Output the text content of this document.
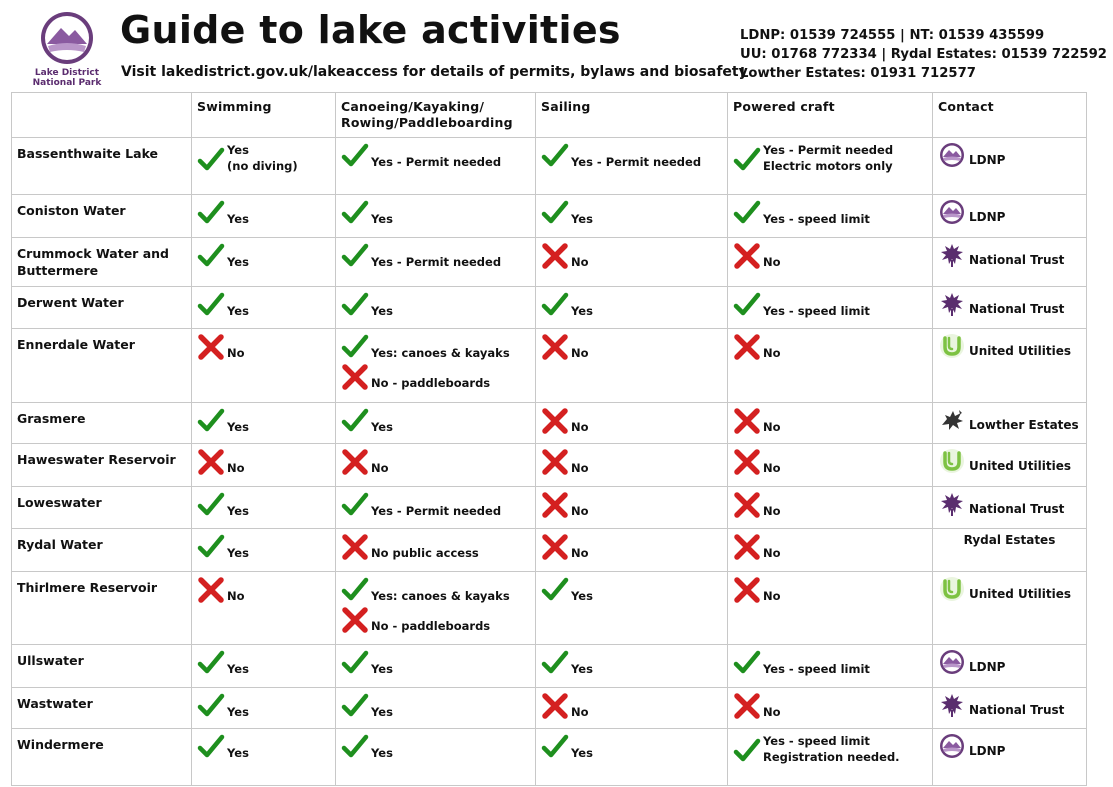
Lake District
National Park
Guide to lake activities
Visit lakedistrict.gov.uk/lakeaccess for details of permits, bylaws and biosafety
LDNP: 01539 724555 | NT: 01539 435599
UU: 01768 772334 | Rydal Estates: 01539 722592
Lowther Estates: 01931 712577
	Swimming	Canoeing/Kayaking/
Rowing/Paddleboarding	Sailing	Powered craft	Contact
Bassenthwaite Lake	Yes
(no diving)	Yes - Permit needed	Yes - Permit needed	Yes - Permit needed
Electric motors only	LDNP

Coniston Water	Yes	Yes	Yes	Yes - speed limit	LDNP

Crummock Water and Buttermere	Yes	Yes - Permit needed	No	No	National Trust

Derwent Water	Yes	Yes	Yes	Yes - speed limit	National Trust

Ennerdale Water	No	Yes: canoes & kayaks
No - paddleboards	No	No	United Utilities

Grasmere	Yes	Yes	No	No	Lowther Estates

Haweswater Reservoir	No	No	No	No	United Utilities

Loweswater	Yes	Yes - Permit needed	No	No	National Trust

Rydal Water	Yes	No public access	No	No	Rydal Estates

Thirlmere Reservoir	No	Yes: canoes & kayaks
No - paddleboards	Yes	No	United Utilities

Ullswater	Yes	Yes	Yes	Yes - speed limit	LDNP

Wastwater	Yes	Yes	No	No	National Trust

Windermere	Yes	Yes	Yes	Yes - speed limit
Registration needed.	LDNP
